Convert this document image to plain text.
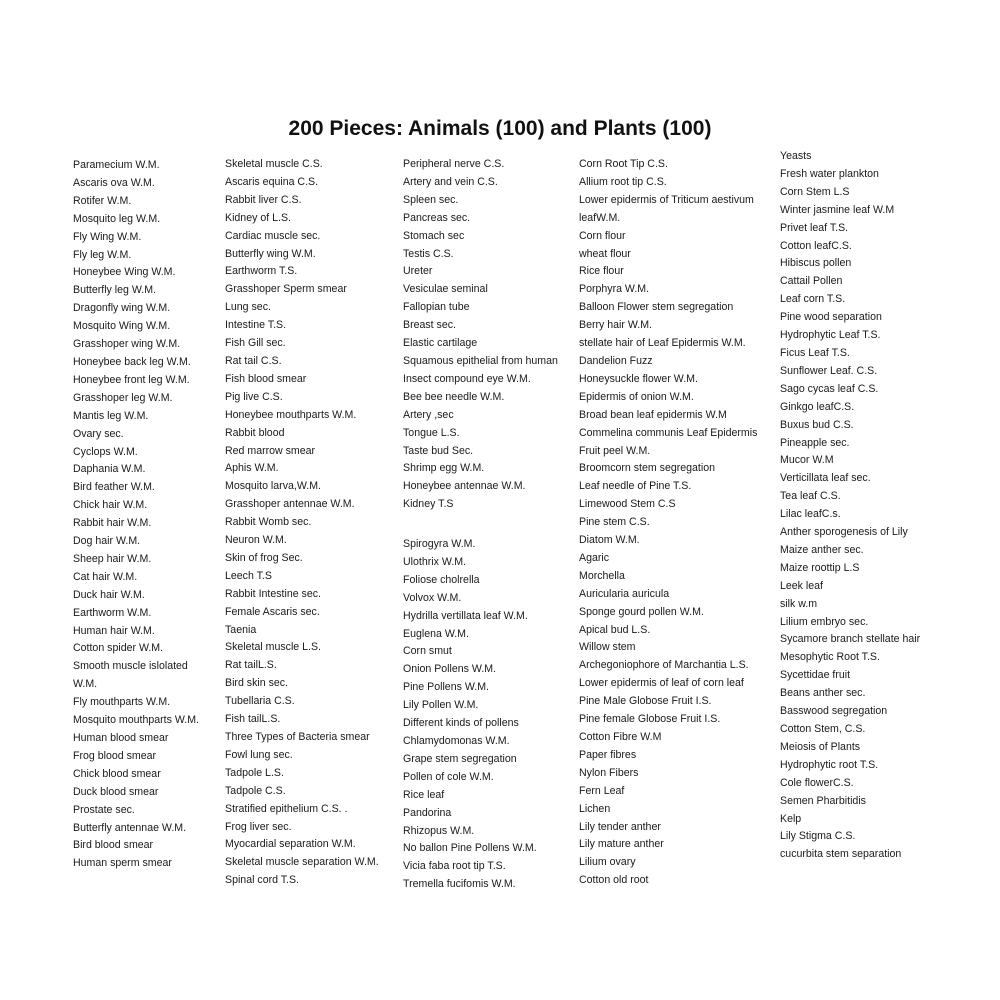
200 Pieces: Animals (100) and Plants (100)
Paramecium W.M.
Ascaris ova W.M.
Rotifer W.M.
Mosquito leg W.M.
Fly Wing W.M.
Fly leg W.M.
Honeybee Wing W.M.
Butterfly leg W.M.
Dragonfly wing W.M.
Mosquito Wing W.M.
Grasshoper wing W.M.
Honeybee back leg W.M.
Honeybee front leg W.M.
Grasshoper leg W.M.
Mantis leg W.M.
Ovary sec.
Cyclops W.M.
Daphania W.M.
Bird feather W.M.
Chick hair W.M.
Rabbit hair W.M.
Dog hair W.M.
Sheep hair W.M.
Cat hair W.M.
Duck hair W.M.
Earthworm W.M.
Human hair W.M.
Cotton spider W.M.
Smooth muscle islolated
W.M.
Fly mouthparts W.M.
Mosquito mouthparts W.M.
Human blood smear
Frog blood smear
Chick blood smear
Duck blood smear
Prostate sec.
Butterfly antennae W.M.
Bird blood smear
Human sperm smear
Skeletal muscle C.S.
Ascaris equina C.S.
Rabbit liver C.S.
Kidney of L.S.
Cardiac muscle sec.
Butterfly wing W.M.
Earthworm T.S.
Grasshoper Sperm smear
Lung sec.
Intestine T.S.
Fish Gill sec.
Rat tail C.S.
Fish blood smear
Pig live C.S.
Honeybee mouthparts W.M.
Rabbit blood
Red marrow smear
Aphis W.M.
Mosquito larva,W.M.
Grasshoper antennae W.M.
Rabbit Womb sec.
Neuron W.M.
Skin of frog Sec.
Leech T.S
Rabbit Intestine sec.
Female Ascaris sec.
Taenia
Skeletal muscle L.S.
Rat tailL.S.
Bird skin sec.
Tubellaria C.S.
Fish tailL.S.
Three Types of Bacteria smear
Fowl lung sec.
Tadpole L.S.
Tadpole C.S.
Stratified epithelium C.S. .
Frog liver sec.
Myocardial separation W.M.
Skeletal muscle separation W.M.
Spinal cord T.S.
Peripheral nerve C.S.
Artery and vein C.S.
Spleen sec.
Pancreas sec.
Stomach sec
Testis C.S.
Ureter
Vesiculae seminal
Fallopian tube
Breast sec.
Elastic cartilage
Squamous epithelial from human
Insect compound eye W.M.
Bee bee needle W.M.
Artery ,sec
Tongue L.S.
Taste bud Sec.
Shrimp egg W.M.
Honeybee antennae W.M.
Kidney T.S
Spirogyra W.M.
Ulothrix W.M.
Foliose cholrella
Volvox W.M.
Hydrilla vertillata leaf W.M.
Euglena W.M.
Corn smut
Onion Pollens W.M.
Pine Pollens W.M.
Lily Pollen W.M.
Different kinds of pollens
Chlamydomonas W.M.
Grape stem segregation
Pollen of cole W.M.
Rice leaf
Pandorina
Rhizopus W.M.
No ballon Pine Pollens W.M.
Vicia faba root tip T.S.
Tremella fucifomis W.M.
Corn Root Tip C.S.
Allium root tip C.S.
Lower epidermis of Triticum aestivum
leafW.M.
Corn flour
wheat flour
Rice flour
Porphyra W.M.
Balloon Flower stem segregation
Berry hair W.M.
stellate hair of Leaf Epidermis W.M.
Dandelion Fuzz
Honeysuckle flower W.M.
Epidermis of onion W.M.
Broad bean leaf epidermis W.M
Commelina communis Leaf Epidermis
Fruit peel W.M.
Broomcorn stem segregation
Leaf needle of Pine T.S.
Limewood Stem C.S
Pine stem C.S.
Diatom W.M.
Agaric
Morchella
Auricularia auricula
Sponge gourd pollen W.M.
Apical bud L.S.
Willow stem
Archegoniophore of Marchantia L.S.
Lower epidermis of leaf of corn leaf
Pine Male Globose Fruit I.S.
Pine female Globose Fruit I.S.
Cotton Fibre W.M
Paper fibres
Nylon Fibers
Fern Leaf
Lichen
Lily tender anther
Lily mature anther
Lilium ovary
Cotton old root
Yeasts
Fresh water plankton
Corn Stem L.S
Winter jasmine leaf W.M
Privet leaf T.S.
Cotton leafC.S.
Hibiscus pollen
Cattail Pollen
Leaf corn T.S.
Pine wood separation
Hydrophytic Leaf T.S.
Ficus Leaf T.S.
Sunflower Leaf. C.S.
Sago cycas leaf C.S.
Ginkgo leafC.S.
Buxus bud C.S.
Pineapple sec.
Mucor W.M
Verticillata leaf sec.
Tea leaf C.S.
Lilac leafC.s.
Anther sporogenesis of Lily
Maize anther sec.
Maize roottip L.S
Leek leaf
silk w.m
Lilium embryo sec.
Sycamore branch stellate hair
Mesophytic Root T.S.
Sycettidae fruit
Beans anther sec.
Basswood segregation
Cotton Stem, C.S.
Meiosis of Plants
Hydrophytic root T.S.
Cole flowerC.S.
Semen Pharbitidis
Kelp
Lily Stigma C.S.
cucurbita stem separation
